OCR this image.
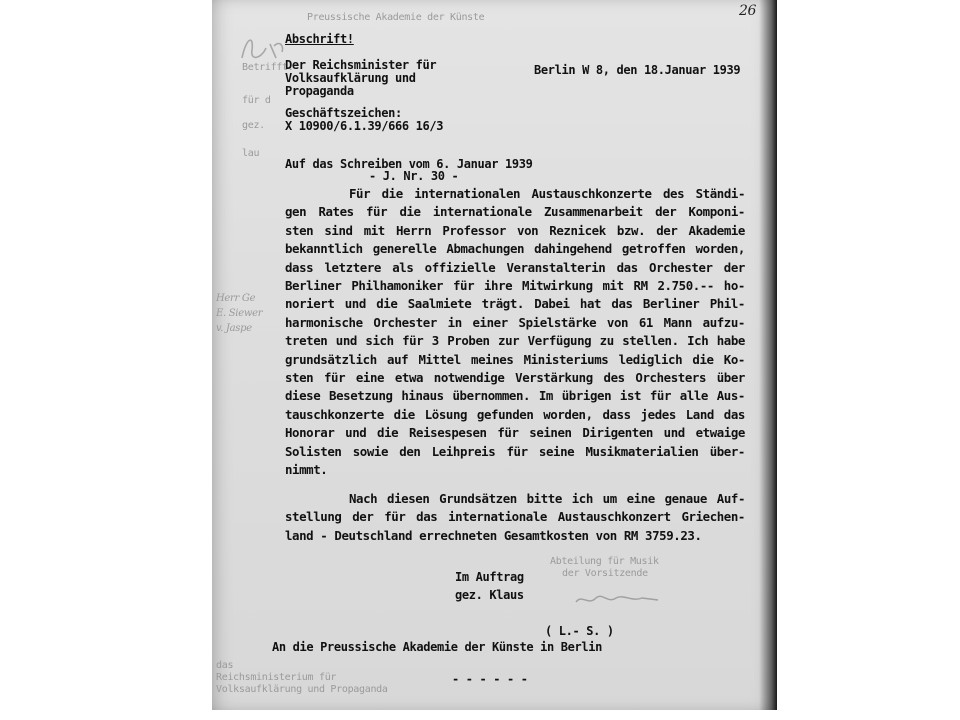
26
Preussische Akademie der Künste
Betrifft:
für d
gez.
lau
Herr Ge
E. Siewer
v. Jaspe
Abschrift!
Der Reichsminister für
Volksaufklärung und
Propaganda
Berlin W 8, den 18.Januar 1939
Geschäftszeichen:
X 10900/6.1.39/666 16/3
Auf das Schreiben vom 6. Januar 1939
- J. Nr. 30 -
Für die internationalen Austauschkonzerte des Ständi-
gen Rates für die internationale Zusammenarbeit der Komponi-
sten sind mit Herrn Professor von Reznicek bzw. der Akademie
bekanntlich generelle Abmachungen dahingehend getroffen worden,
dass letztere als offizielle Veranstalterin das Orchester der
Berliner Philhamoniker für ihre Mitwirkung mit RM 2.750.-- ho-
noriert und die Saalmiete trägt. Dabei hat das Berliner Phil-
harmonische Orchester in einer Spielstärke von 61 Mann aufzu-
treten und sich für 3 Proben zur Verfügung zu stellen. Ich habe
grundsätzlich auf Mittel meines Ministeriums lediglich die Ko-
sten für eine etwa notwendige Verstärkung des Orchesters über
diese Besetzung hinaus übernommen. Im übrigen ist für alle Aus-
tauschkonzerte die Lösung gefunden worden, dass jedes Land das
Honorar und die Reisespesen für seinen Dirigenten und etwaige
Solisten sowie den Leihpreis für seine Musikmaterialien über-
nimmt.
Abteilung für Musik
der Vorsitzende
Nach diesen Grundsätzen bitte ich um eine genaue Auf-
stellung der für das internationale Austauschkonzert Griechen-
land - Deutschland errechneten Gesamtkosten von RM 3759.23.
Im Auftrag
gez. Klaus
( L.- S. )
An die Preussische Akademie der Künste in Berlin
das
Reichsministerium für
Volksaufklärung und Propaganda
- - - - - -
